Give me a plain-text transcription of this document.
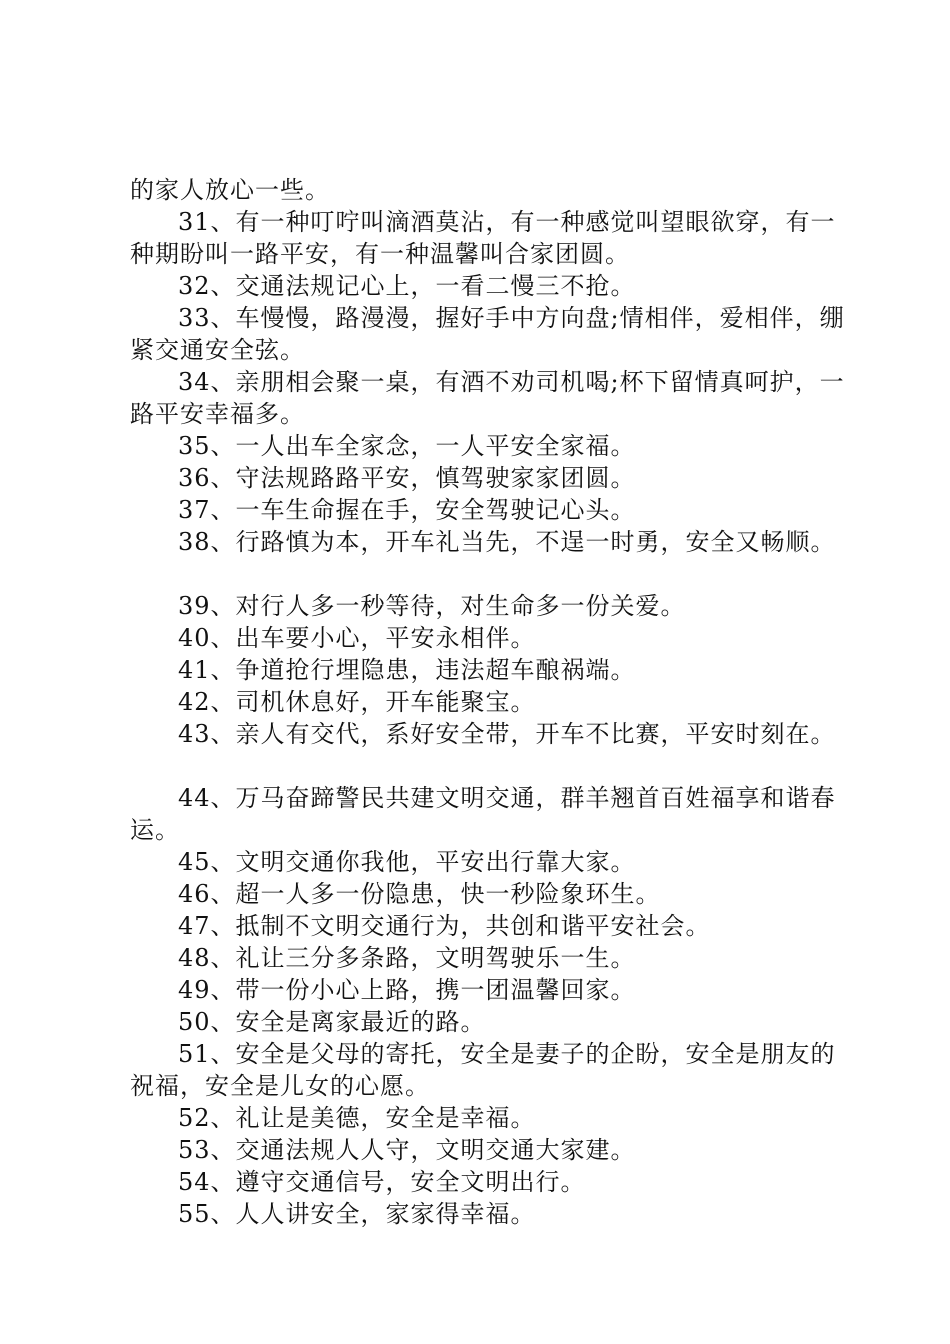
的家人放心一些。

31、有一种叮咛叫滴酒莫沾，有一种感觉叫望眼欲穿，有一种期盼叫一路平安，有一种温馨叫合家团圆。

32、交通法规记心上，一看二慢三不抢。

33、车慢慢，路漫漫，握好手中方向盘;情相伴，爱相伴，绷紧交通安全弦。

34、亲朋相会聚一桌，有酒不劝司机喝;杯下留情真呵护，一路平安幸福多。

35、一人出车全家念，一人平安全家福。

36、守法规路路平安，慎驾驶家家团圆。

37、一车生命握在手，安全驾驶记心头。

38、行路慎为本，开车礼当先，不逞一时勇，安全又畅顺。

39、对行人多一秒等待，对生命多一份关爱。

40、出车要小心，平安永相伴。

41、争道抢行埋隐患，违法超车酿祸端。

42、司机休息好，开车能聚宝。

43、亲人有交代，系好安全带，开车不比赛，平安时刻在。

44、万马奋蹄警民共建文明交通，群羊翘首百姓福享和谐春运。

45、文明交通你我他，平安出行靠大家。

46、超一人多一份隐患，快一秒险象环生。

47、抵制不文明交通行为，共创和谐平安社会。

48、礼让三分多条路，文明驾驶乐一生。

49、带一份小心上路，携一团温馨回家。

50、安全是离家最近的路。

51、安全是父母的寄托，安全是妻子的企盼，安全是朋友的祝福，安全是儿女的心愿。

52、礼让是美德，安全是幸福。

53、交通法规人人守，文明交通大家建。

54、遵守交通信号，安全文明出行。

55、人人讲安全，家家得幸福。
